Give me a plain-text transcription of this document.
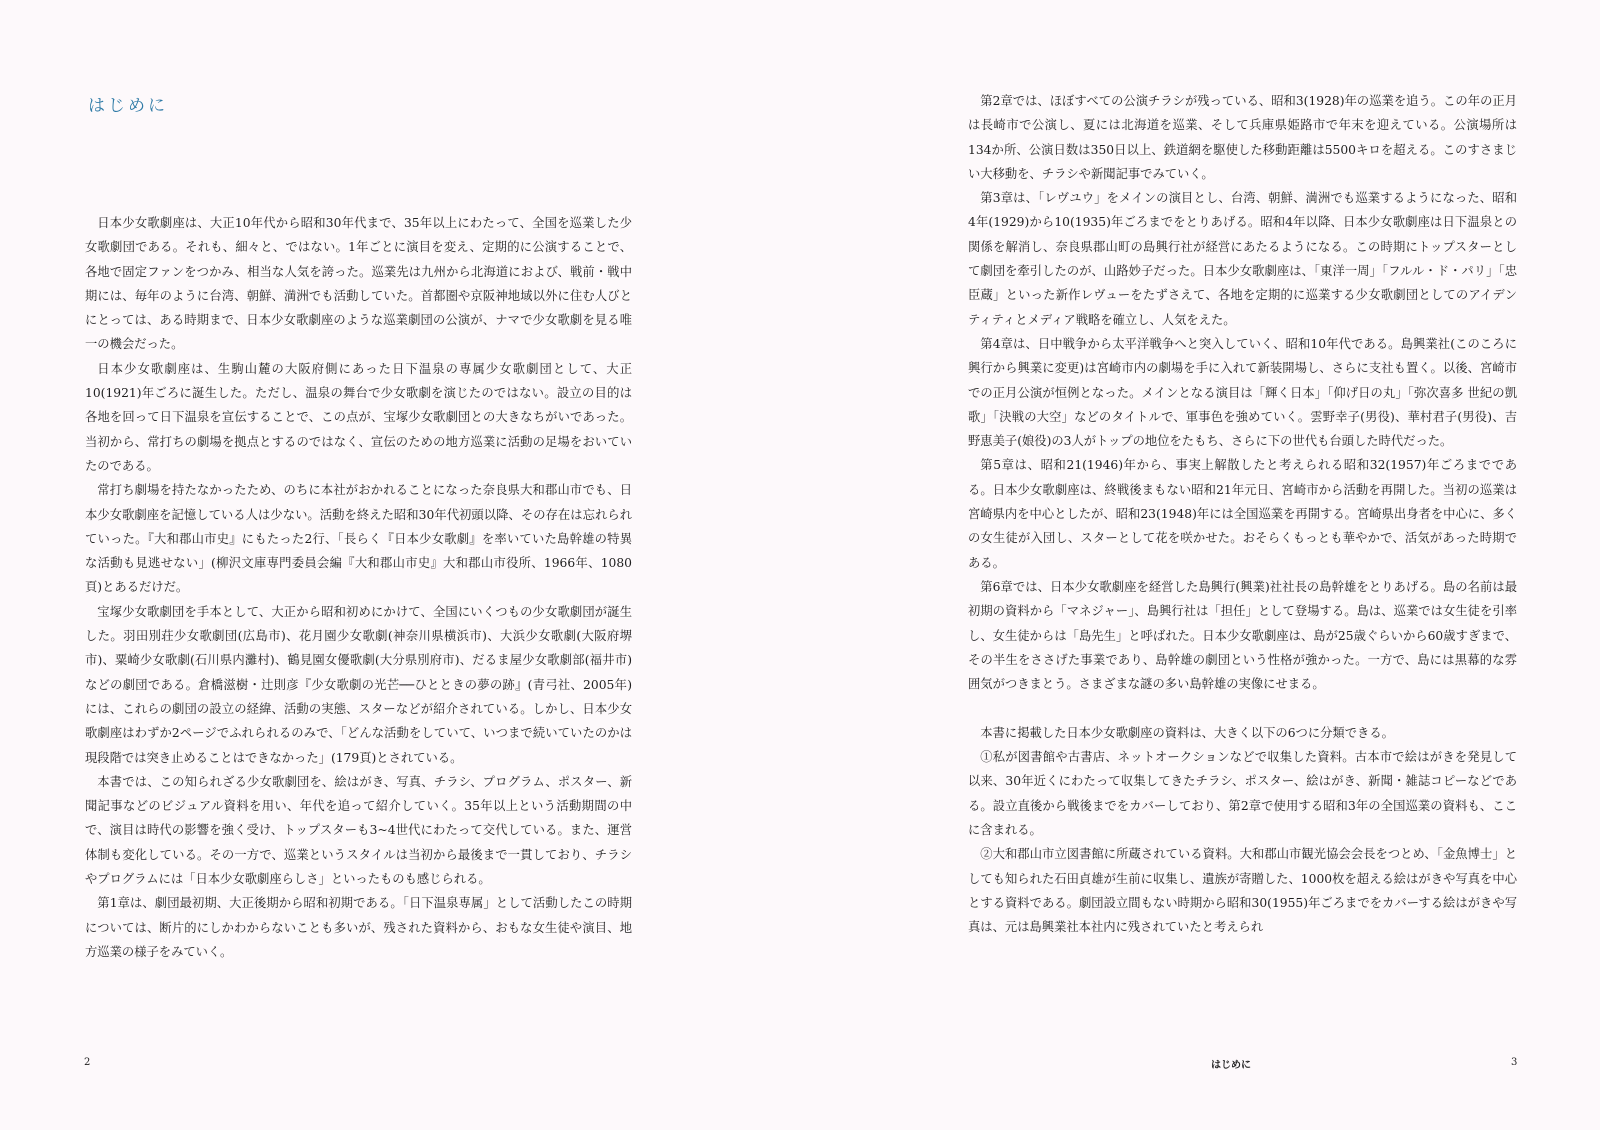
はじめに

日本少女歌劇座は、大正10年代から昭和30年代まで、35年以上にわたって、全国を巡業した少女歌劇団である。それも、細々と、ではない。1年ごとに演目を変え、定期的に公演することで、各地で固定ファンをつかみ、相当な人気を誇った。巡業先は九州から北海道におよび、戦前・戦中期には、毎年のように台湾、朝鮮、満洲でも活動していた。首都圏や京阪神地域以外に住む人びとにとっては、ある時期まで、日本少女歌劇座のような巡業劇団の公演が、ナマで少女歌劇を見る唯一の機会だった。

日本少女歌劇座は、生駒山麓の大阪府側にあった日下温泉の専属少女歌劇団として、大正10(1921)年ごろに誕生した。ただし、温泉の舞台で少女歌劇を演じたのではない。設立の目的は各地を回って日下温泉を宣伝することで、この点が、宝塚少女歌劇団との大きなちがいであった。当初から、常打ちの劇場を拠点とするのではなく、宣伝のための地方巡業に活動の足場をおいていたのである。

常打ち劇場を持たなかったため、のちに本社がおかれることになった奈良県大和郡山市でも、日本少女歌劇座を記憶している人は少ない。活動を終えた昭和30年代初頭以降、その存在は忘れられていった。『大和郡山市史』にもたった2行、「長らく『日本少女歌劇』を率いていた島幹雄の特異な活動も見逃せない」(柳沢文庫専門委員会編『大和郡山市史』大和郡山市役所、1966年、1080頁)とあるだけだ。

宝塚少女歌劇団を手本として、大正から昭和初めにかけて、全国にいくつもの少女歌劇団が誕生した。羽田別荘少女歌劇団(広島市)、花月園少女歌劇(神奈川県横浜市)、大浜少女歌劇(大阪府堺市)、粟崎少女歌劇(石川県内灘村)、鶴見園女優歌劇(大分県別府市)、だるま屋少女歌劇部(福井市)などの劇団である。倉橋滋樹・辻則彦『少女歌劇の光芒──ひとときの夢の跡』(青弓社、2005年)には、これらの劇団の設立の経緯、活動の実態、スターなどが紹介されている。しかし、日本少女歌劇座はわずか2ページでふれられるのみで、「どんな活動をしていて、いつまで続いていたのかは現段階では突き止めることはできなかった」(179頁)とされている。

本書では、この知られざる少女歌劇団を、絵はがき、写真、チラシ、プログラム、ポスター、新聞記事などのビジュアル資料を用い、年代を追って紹介していく。35年以上という活動期間の中で、演目は時代の影響を強く受け、トップスターも3~4世代にわたって交代している。また、運営体制も変化している。その一方で、巡業というスタイルは当初から最後まで一貫しており、チラシやプログラムには「日本少女歌劇座らしさ」といったものも感じられる。

第1章は、劇団最初期、大正後期から昭和初期である。「日下温泉専属」として活動したこの時期については、断片的にしかわからないことも多いが、残された資料から、おもな女生徒や演目、地方巡業の様子をみていく。

2

第2章では、ほぼすべての公演チラシが残っている、昭和3(1928)年の巡業を追う。この年の正月は長崎市で公演し、夏には北海道を巡業、そして兵庫県姫路市で年末を迎えている。公演場所は134か所、公演日数は350日以上、鉄道網を駆使した移動距離は5500キロを超える。このすさまじい大移動を、チラシや新聞記事でみていく。

第3章は、「レヴユウ」をメインの演目とし、台湾、朝鮮、満洲でも巡業するようになった、昭和4年(1929)から10(1935)年ごろまでをとりあげる。昭和4年以降、日本少女歌劇座は日下温泉との関係を解消し、奈良県郡山町の島興行社が経営にあたるようになる。この時期にトップスターとして劇団を牽引したのが、山路妙子だった。日本少女歌劇座は、「東洋一周」「フルル・ド・パリ」「忠臣蔵」といった新作レヴューをたずさえて、各地を定期的に巡業する少女歌劇団としてのアイデンティティとメディア戦略を確立し、人気をえた。

第4章は、日中戦争から太平洋戦争へと突入していく、昭和10年代である。島興業社(このころに興行から興業に変更)は宮崎市内の劇場を手に入れて新装開場し、さらに支社も置く。以後、宮崎市での正月公演が恒例となった。メインとなる演目は「輝く日本」「仰げ日の丸」「弥次喜多 世紀の凱歌」「決戦の大空」などのタイトルで、軍事色を強めていく。雲野幸子(男役)、華村君子(男役)、吉野恵美子(娘役)の3人がトップの地位をたもち、さらに下の世代も台頭した時代だった。

第5章は、昭和21(1946)年から、事実上解散したと考えられる昭和32(1957)年ごろまでである。日本少女歌劇座は、終戦後まもない昭和21年元日、宮崎市から活動を再開した。当初の巡業は宮崎県内を中心としたが、昭和23(1948)年には全国巡業を再開する。宮崎県出身者を中心に、多くの女生徒が入団し、スターとして花を咲かせた。おそらくもっとも華やかで、活気があった時期である。

第6章では、日本少女歌劇座を経営した島興行(興業)社社長の島幹雄をとりあげる。島の名前は最初期の資料から「マネジャー」、島興行社は「担任」として登場する。島は、巡業では女生徒を引率し、女生徒からは「島先生」と呼ばれた。日本少女歌劇座は、島が25歳ぐらいから60歳すぎまで、その半生をささげた事業であり、島幹雄の劇団という性格が強かった。一方で、島には黒幕的な雰囲気がつきまとう。さまざまな謎の多い島幹雄の実像にせまる。

本書に掲載した日本少女歌劇座の資料は、大きく以下の6つに分類できる。

①私が図書館や古書店、ネットオークションなどで収集した資料。古本市で絵はがきを発見して以来、30年近くにわたって収集してきたチラシ、ポスター、絵はがき、新聞・雑誌コピーなどである。設立直後から戦後までをカバーしており、第2章で使用する昭和3年の全国巡業の資料も、ここに含まれる。

②大和郡山市立図書館に所蔵されている資料。大和郡山市観光協会会長をつとめ、「金魚博士」としても知られた石田貞雄が生前に収集し、遺族が寄贈した、1000枚を超える絵はがきや写真を中心とする資料である。劇団設立間もない時期から昭和30(1955)年ごろまでをカバーする絵はがきや写真は、元は島興業社本社内に残されていたと考えられ

はじめに	3
